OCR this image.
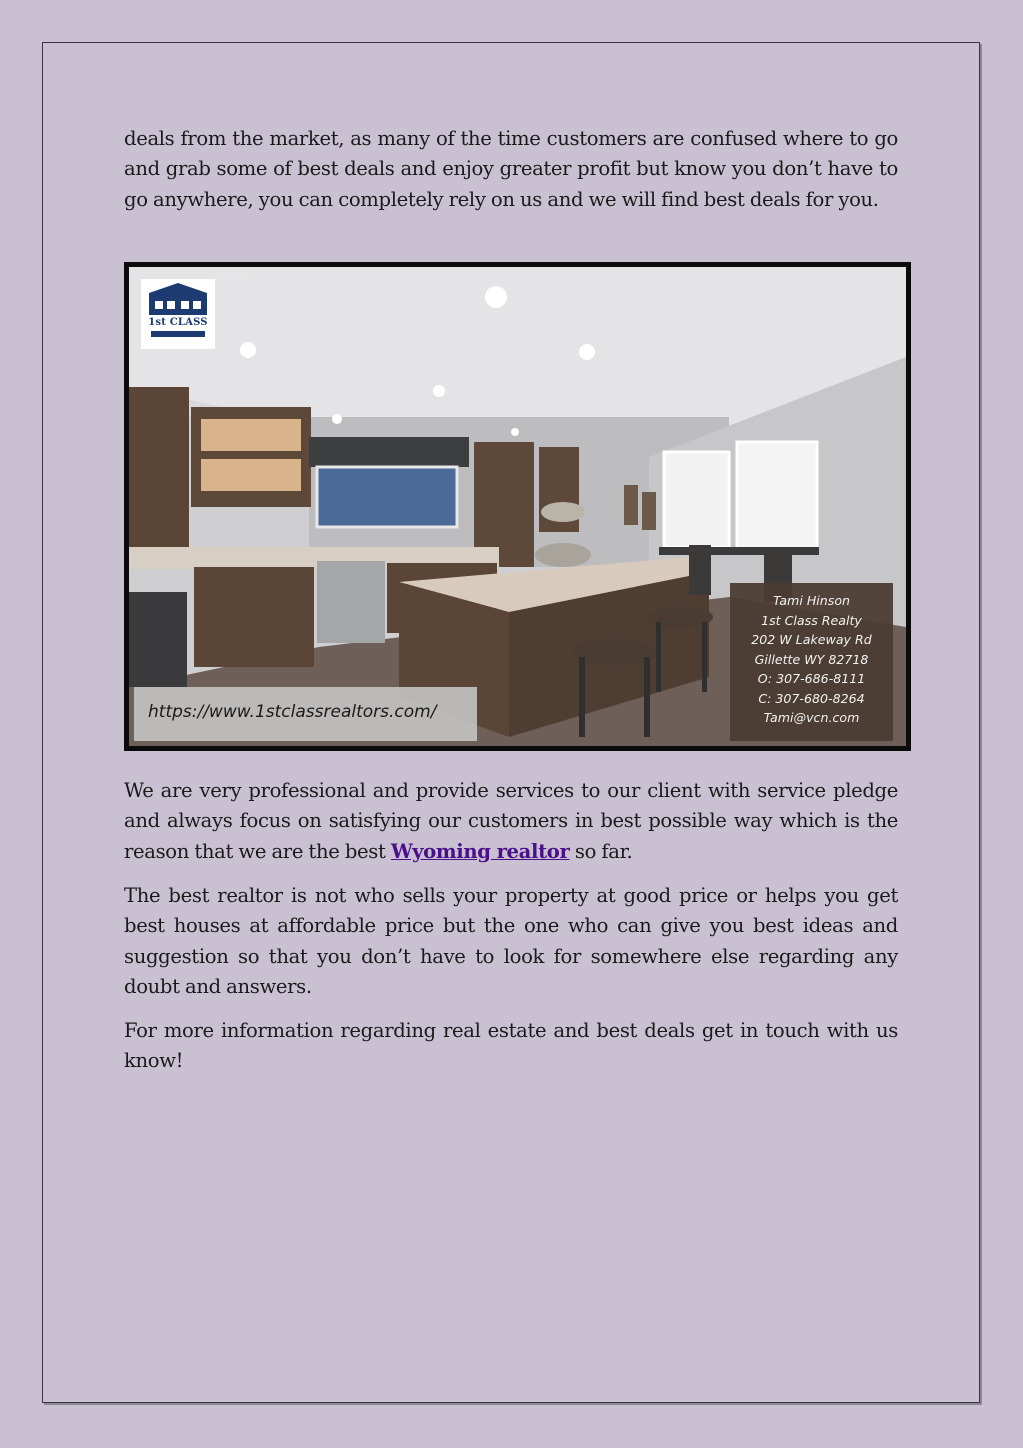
deals from the market, as many of the time customers are confused where to go and grab some of best deals and enjoy greater profit but know you don’t have to go anywhere, you can completely rely on us and we will find best deals for you.

d Photo
1st CLASS
https://www.1stclassrealtors.com/
Tami Hinson
1st Class Realty
202 W Lakeway Rd
Gillette WY 82718
O: 307-686-8111
C: 307-680-8264
Tami@vcn.com

We are very professional and provide services to our client with service pledge and always focus on satisfying our customers in best possible way which is the reason that we are the best Wyoming realtor so far.

The best realtor is not who sells your property at good price or helps you get best houses at affordable price but the one who can give you best ideas and suggestion so that you don’t have to look for somewhere else regarding any doubt and answers.

For more information regarding real estate and best deals get in touch with us know!
